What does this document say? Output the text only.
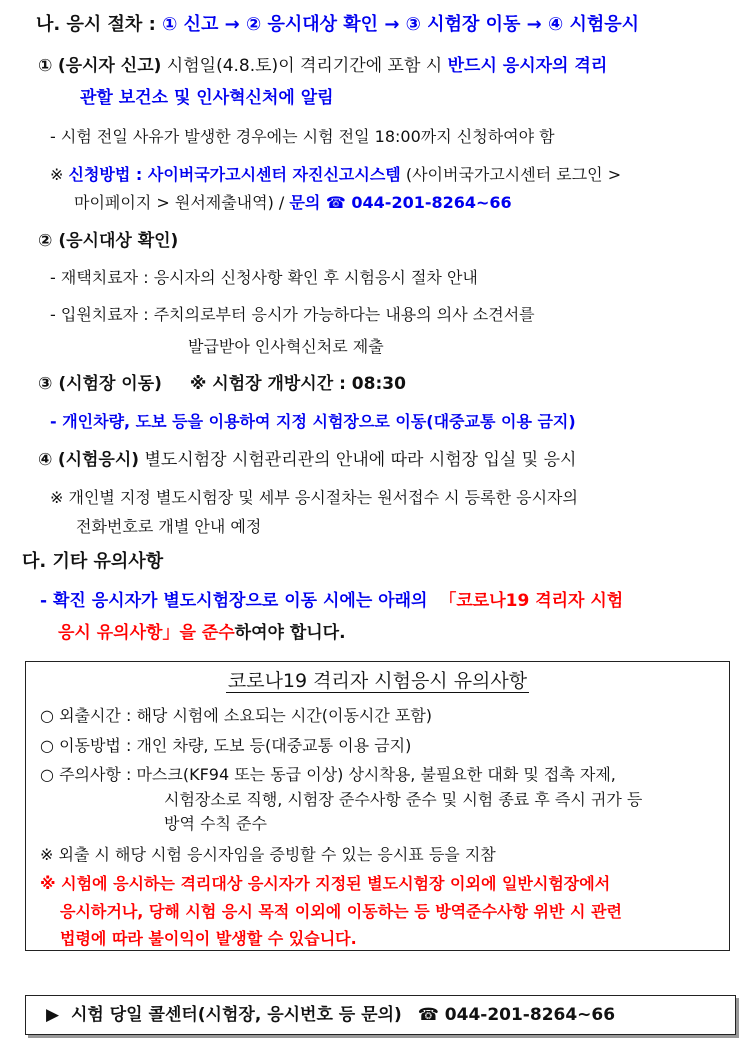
나. 응시 절차 : ① 신고 → ② 응시대상 확인 → ③ 시험장 이동 → ④ 시험응시
① (응시자 신고) 시험일(4.8.토)이 격리기간에 포함 시 반드시 응시자의 격리
관할 보건소 및 인사혁신처에 알림
- 시험 전일 사유가 발생한 경우에는 시험 전일 18:00까지 신청하여야 함
※ 신청방법 : 사이버국가고시센터 자진신고시스템 (사이버국가고시센터 로그인 >
마이페이지 > 원서제출내역) / 문의 ☎ 044-201-8264~66
② (응시대상 확인)
- 재택치료자 : 응시자의 신청사항 확인 후 시험응시 절차 안내
- 입원치료자 : 주치의로부터 응시가 가능하다는 내용의 의사 소견서를
발급받아 인사혁신처로 제출
③ (시험장 이동) ※ 시험장 개방시간 : 08:30
- 개인차량, 도보 등을 이용하여 지정 시험장으로 이동(대중교통 이용 금지)
④ (시험응시) 별도시험장 시험관리관의 안내에 따라 시험장 입실 및 응시
※ 개인별 지정 별도시험장 및 세부 응시절차는 원서접수 시 등록한 응시자의
전화번호로 개별 안내 예정
다. 기타 유의사항
- 확진 응시자가 별도시험장으로 이동 시에는 아래의 「코로나19 격리자 시험
응시 유의사항」을 준수하여야 합니다.
코로나19 격리자 시험응시 유의사항
○ 외출시간 : 해당 시험에 소요되는 시간(이동시간 포함)
○ 이동방법 : 개인 차량, 도보 등(대중교통 이용 금지)
○ 주의사항 : 마스크(KF94 또는 동급 이상) 상시착용, 불필요한 대화 및 접촉 자제,
시험장소로 직행, 시험장 준수사항 준수 및 시험 종료 후 즉시 귀가 등
방역 수칙 준수
※ 외출 시 해당 시험 응시자임을 증빙할 수 있는 응시표 등을 지참
※ 시험에 응시하는 격리대상 응시자가 지정된 별도시험장 이외에 일반시험장에서
응시하거나, 당해 시험 응시 목적 이외에 이동하는 등 방역준수사항 위반 시 관련
법령에 따라 불이익이 발생할 수 있습니다.
▶ 시험 당일 콜센터(시험장, 응시번호 등 문의) ☎ 044-201-8264~66
